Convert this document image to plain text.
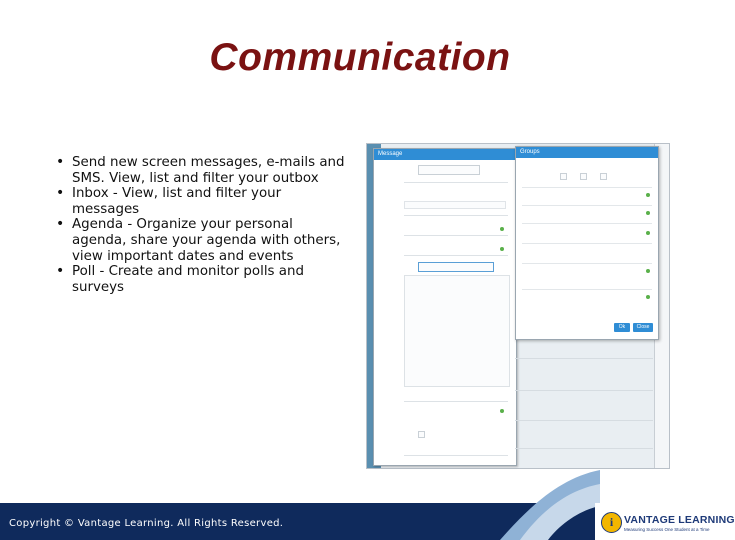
Communication
• Send new screen messages, e-mails and SMS. View, list and filter your outbox
• Inbox - View, list and filter your messages
• Agenda - Organize your personal agenda, share your agenda with others, view important dates and events
• Poll - Create and monitor polls and surveys
Message	Groups
Ok	Close
Copyright © Vantage Learning. All Rights Reserved.	i	VANTAGE LEARNING
Measuring Success One Student at a Time
